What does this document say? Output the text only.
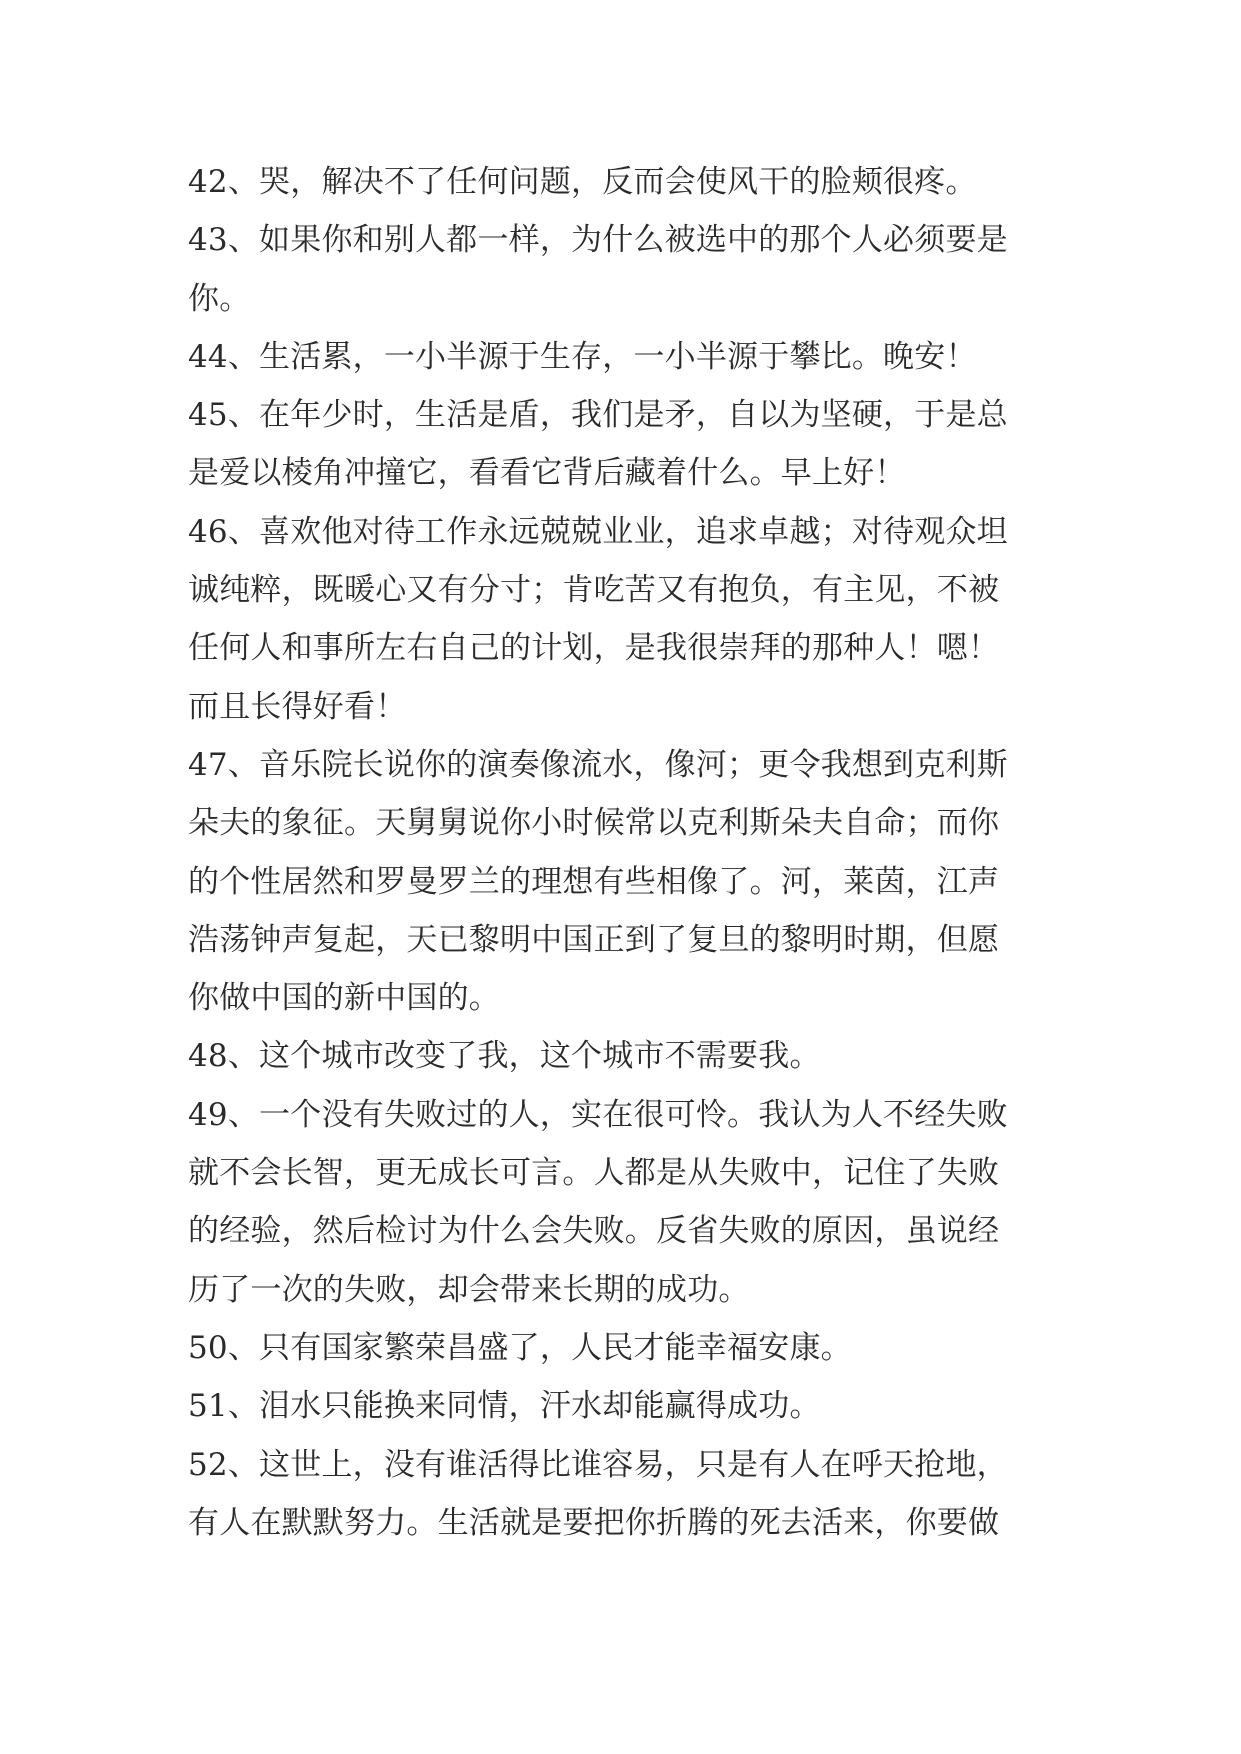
42、哭，解决不了任何问题，反而会使风干的脸颊很疼。
43、如果你和别人都一样，为什么被选中的那个人必须要是
你。
44、生活累，一小半源于生存，一小半源于攀比。晚安！
45、在年少时，生活是盾，我们是矛，自以为坚硬，于是总
是爱以棱角冲撞它，看看它背后藏着什么。早上好！
46、喜欢他对待工作永远兢兢业业，追求卓越；对待观众坦
诚纯粹，既暖心又有分寸；肯吃苦又有抱负，有主见，不被
任何人和事所左右自己的计划，是我很崇拜的那种人！嗯！
而且长得好看！
47、音乐院长说你的演奏像流水，像河；更令我想到克利斯
朵夫的象征。天舅舅说你小时候常以克利斯朵夫自命；而你
的个性居然和罗曼罗兰的理想有些相像了。河，莱茵，江声
浩荡钟声复起，天已黎明中国正到了复旦的黎明时期，但愿
你做中国的新中国的。
48、这个城市改变了我，这个城市不需要我。
49、一个没有失败过的人，实在很可怜。我认为人不经失败
就不会长智，更无成长可言。人都是从失败中，记住了失败
的经验，然后检讨为什么会失败。反省失败的原因，虽说经
历了一次的失败，却会带来长期的成功。
50、只有国家繁荣昌盛了，人民才能幸福安康。
51、泪水只能换来同情，汗水却能赢得成功。
52、这世上，没有谁活得比谁容易，只是有人在呼天抢地，
有人在默默努力。生活就是要把你折腾的死去活来，你要做
